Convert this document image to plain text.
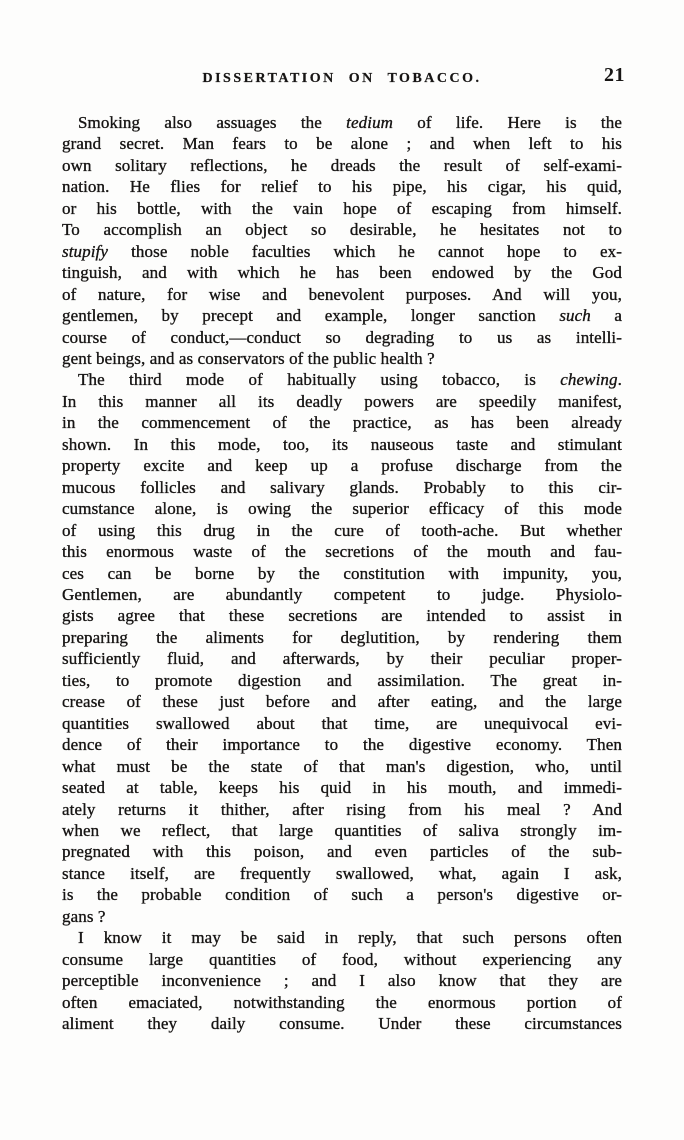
DISSERTATION ON TOBACCO.	21
Smoking also assuages the tedium of life. Here is the
grand secret. Man fears to be alone ; and when left to his
own solitary reflections, he dreads the result of self-exami-
nation. He flies for relief to his pipe, his cigar, his quid,
or his bottle, with the vain hope of escaping from himself.
To accomplish an object so desirable, he hesitates not to
stupify those noble faculties which he cannot hope to ex-
tinguish, and with which he has been endowed by the God
of nature, for wise and benevolent purposes. And will you,
gentlemen, by precept and example, longer sanction such a
course of conduct,—conduct so degrading to us as intelli-
gent beings, and as conservators of the public health ?
The third mode of habitually using tobacco, is chewing.
In this manner all its deadly powers are speedily manifest,
in the commencement of the practice, as has been already
shown. In this mode, too, its nauseous taste and stimulant
property excite and keep up a profuse discharge from the
mucous follicles and salivary glands. Probably to this cir-
cumstance alone, is owing the superior efficacy of this mode
of using this drug in the cure of tooth-ache. But whether
this enormous waste of the secretions of the mouth and fau-
ces can be borne by the constitution with impunity, you,
Gentlemen, are abundantly competent to judge. Physiolo-
gists agree that these secretions are intended to assist in
preparing the aliments for deglutition, by rendering them
sufficiently fluid, and afterwards, by their peculiar proper-
ties, to promote digestion and assimilation. The great in-
crease of these just before and after eating, and the large
quantities swallowed about that time, are unequivocal evi-
dence of their importance to the digestive economy. Then
what must be the state of that man's digestion, who, until
seated at table, keeps his quid in his mouth, and immedi-
ately returns it thither, after rising from his meal ? And
when we reflect, that large quantities of saliva strongly im-
pregnated with this poison, and even particles of the sub-
stance itself, are frequently swallowed, what, again I ask,
is the probable condition of such a person's digestive or-
gans ?
I know it may be said in reply, that such persons often
consume large quantities of food, without experiencing any
perceptible inconvenience ; and I also know that they are
often emaciated, notwithstanding the enormous portion of
aliment they daily consume. Under these circumstances
